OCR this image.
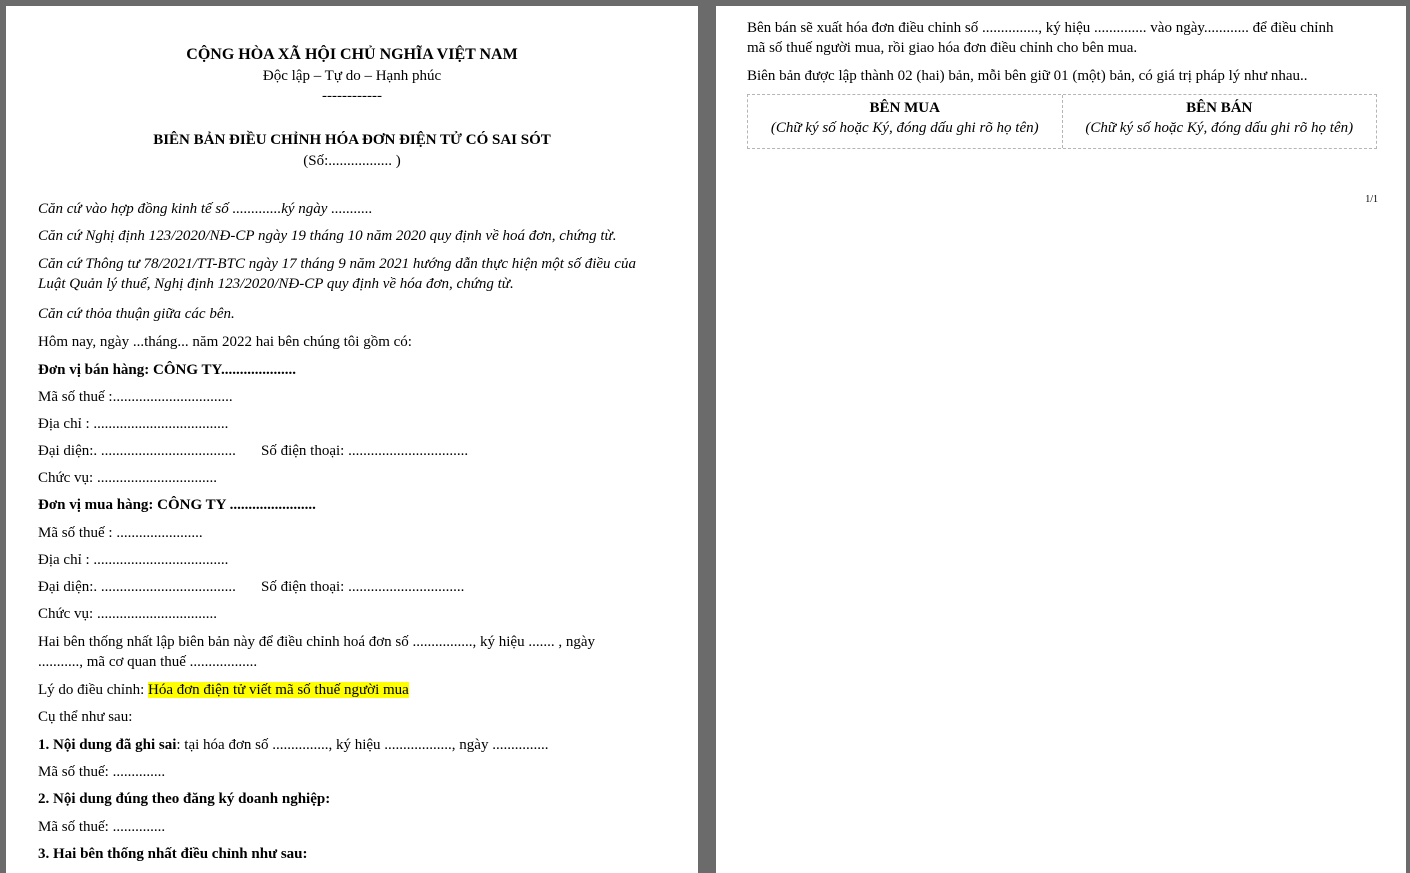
CỘNG HÒA XÃ HỘI CHỦ NGHĨA VIỆT NAM
Độc lập – Tự do – Hạnh phúc
------------
BIÊN BẢN ĐIỀU CHỈNH HÓA ĐƠN ĐIỆN TỬ CÓ SAI SÓT
(Số:................. )
Căn cứ vào hợp đồng kinh tế số .............ký ngày ...........
Căn cứ Nghị định 123/2020/NĐ-CP ngày 19 tháng 10 năm 2020 quy định về hoá đơn, chứng từ.
Căn cứ Thông tư 78/2021/TT-BTC ngày 17 tháng 9 năm 2021 hướng dẫn thực hiện một số điều của
Luật Quản lý thuế, Nghị định 123/2020/NĐ-CP quy định về hóa đơn, chứng từ.
Căn cứ thỏa thuận giữa các bên.
Hôm nay, ngày ...tháng... năm 2022 hai bên chúng tôi gồm có:
Đơn vị bán hàng: CÔNG TY....................
Mã số thuế :................................
Địa chỉ : ....................................
Đại diện:. .................................... Số điện thoại: ................................
Chức vụ: ................................
Đơn vị mua hàng: CÔNG TY .......................
Mã số thuế : .......................
Địa chỉ : ....................................
Đại diện:. .................................... Số điện thoại: ...............................
Chức vụ: ................................
Hai bên thống nhất lập biên bản này để điều chỉnh hoá đơn số ................, ký hiệu ....... , ngày
..........., mã cơ quan thuế ..................
Lý do điều chỉnh: Hóa đơn điện tử viết mã số thuế người mua
Cụ thể như sau:
1. Nội dung đã ghi sai: tại hóa đơn số ..............., ký hiệu .................., ngày ...............
Mã số thuế: ..............
2. Nội dung đúng theo đăng ký doanh nghiệp:
Mã số thuế: ..............
3. Hai bên thống nhất điều chỉnh như sau:
Bên bán sẽ xuất hóa đơn điều chỉnh số ..............., ký hiệu .............. vào ngày............ để điều chỉnh
mã số thuế người mua, rồi giao hóa đơn điều chỉnh cho bên mua.
Biên bản được lập thành 02 (hai) bản, mỗi bên giữ 01 (một) bản, có giá trị pháp lý như nhau..
BÊN MUA
(Chữ ký số hoặc Ký, đóng dấu ghi rõ họ tên)
BÊN BÁN
(Chữ ký số hoặc Ký, đóng dấu ghi rõ họ tên)
1/1
